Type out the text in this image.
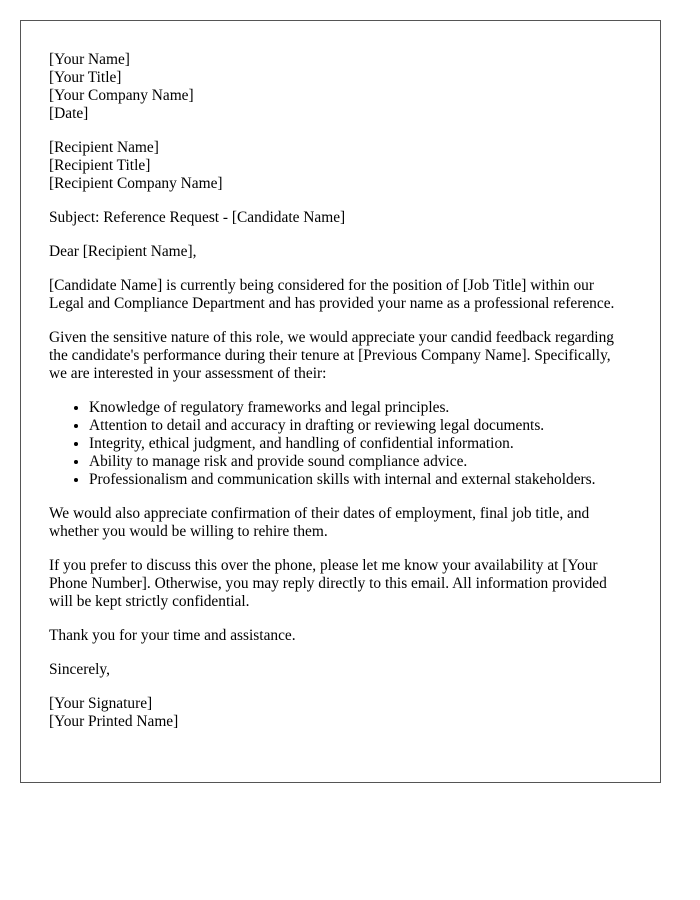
[Your Name]
[Your Title]
[Your Company Name]
[Date]
[Recipient Name]
[Recipient Title]
[Recipient Company Name]

Subject: Reference Request - [Candidate Name]

Dear [Recipient Name],

[Candidate Name] is currently being considered for the position of [Job Title] within our Legal and Compliance Department and has provided your name as a professional reference.

Given the sensitive nature of this role, we would appreciate your candid feedback regarding the candidate's performance during their tenure at [Previous Company Name]. Specifically, we are interested in your assessment of their:

• Knowledge of regulatory frameworks and legal principles.
• Attention to detail and accuracy in drafting or reviewing legal documents.
• Integrity, ethical judgment, and handling of confidential information.
• Ability to manage risk and provide sound compliance advice.
• Professionalism and communication skills with internal and external stakeholders.

We would also appreciate confirmation of their dates of employment, final job title, and whether you would be willing to rehire them.

If you prefer to discuss this over the phone, please let me know your availability at [Your Phone Number]. Otherwise, you may reply directly to this email. All information provided will be kept strictly confidential.

Thank you for your time and assistance.

Sincerely,

[Your Signature]
[Your Printed Name]
